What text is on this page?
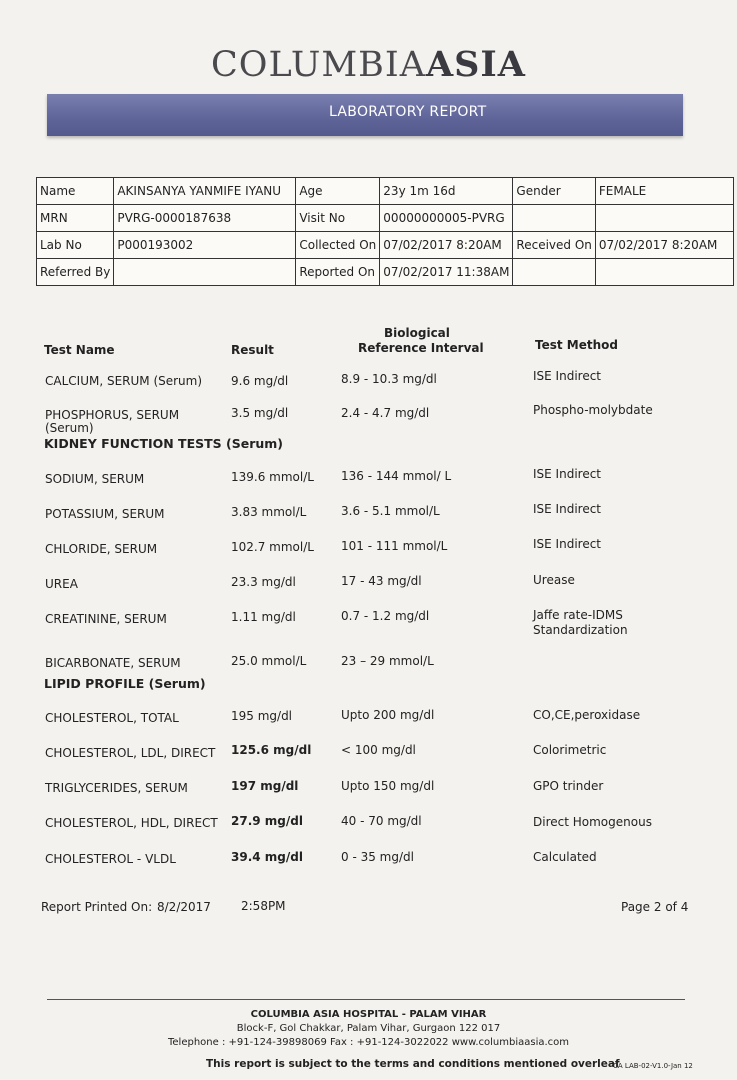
COLUMBIAASIA
LABORATORY REPORT
Name	AKINSANYA YANMIFE IYANU	Age	23y 1m 16d	Gender	FEMALE
MRN	PVRG-0000187638	Visit No	00000000005-PVRG		
Lab No	P000193002	Collected On	07/02/2017 8:20AM	Received On	07/02/2017 8:20AM
Referred By		Reported On	07/02/2017 11:38AM		
Test Name	Result
Biological
Reference Interval	Test Method
CALCIUM, SERUM (Serum) 9.6 mg/dl	8.9 - 10.3 mg/dl	ISE Indirect
PHOSPHORUS, SERUM
(Serum)
3.5 mg/dl	2.4 - 4.7 mg/dl	Phospho-molybdate
KIDNEY FUNCTION TESTS (Serum)
SODIUM, SERUM	139.6 mmol/L 136 - 144 mmol/ L	ISE Indirect
POTASSIUM, SERUM	3.83 mmol/L	3.6 - 5.1 mmol/L	ISE Indirect
CHLORIDE, SERUM	102.7 mmol/L 101 - 111 mmol/L	ISE Indirect
UREA	23.3 mg/dl	17 - 43 mg/dl	Urease
CREATININE, SERUM	1.11 mg/dl	0.7 - 1.2 mg/dl	Jaffe rate-IDMS
Standardization
BICARBONATE, SERUM	25.0 mmol/L	23 – 29 mmol/L
LIPID PROFILE (Serum)
CHOLESTEROL, TOTAL	195 mg/dl	Upto 200 mg/dl	CO,CE,peroxidase
CHOLESTEROL, LDL, DIRECT 125.6 mg/dl < 100 mg/dl	Colorimetric
TRIGLYCERIDES, SERUM	197 mg/dl	Upto 150 mg/dl	GPO trinder
CHOLESTEROL, HDL, DIRECT 27.9 mg/dl	40 - 70 mg/dl	Direct Homogenous
CHOLESTEROL - VLDL	39.4 mg/dl	0 - 35 mg/dl	Calculated
Report Printed On: 8/2/2017	2:58PM	Page 2 of 4
COLUMBIA ASIA HOSPITAL - PALAM VIHAR
Block-F, Gol Chakkar, Palam Vihar, Gurgaon 122 017
Telephone : +91-124-39898069 Fax : +91-124-3022022 www.columbiaasia.com
This report is subject to the terms and conditions mentioned overleaf
CA LAB-02-V1.0-Jan 12
